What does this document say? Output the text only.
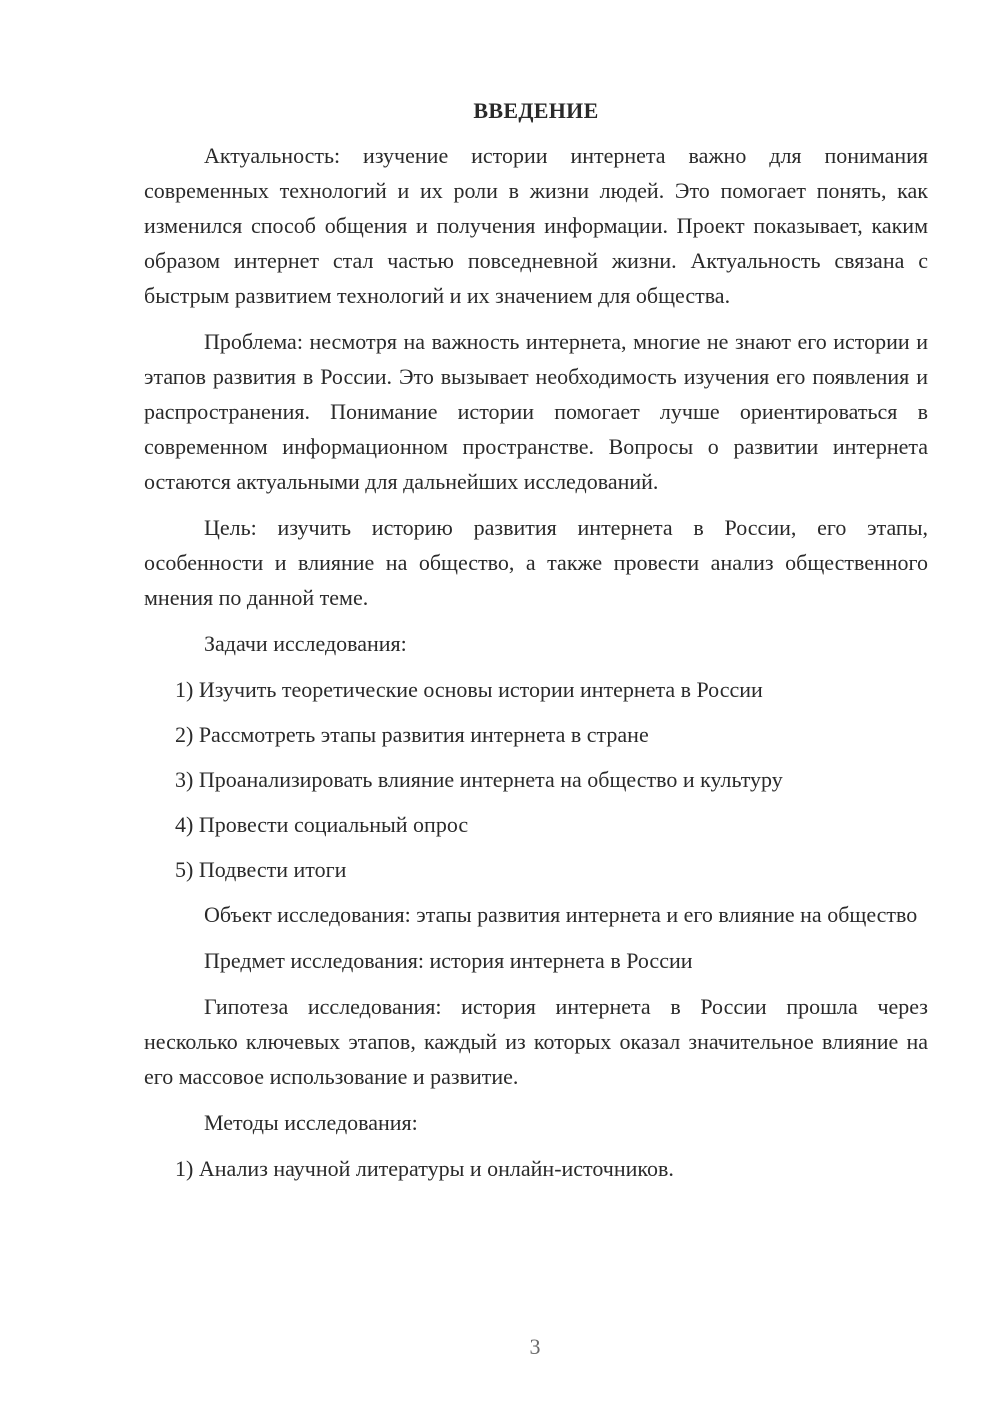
ВВЕДЕНИЕ

Актуальность: изучение истории интернета важно для понимания современных технологий и их роли в жизни людей. Это помогает понять, как изменился способ общения и получения информации. Проект показывает, каким образом интернет стал частью повседневной жизни. Актуальность связана с быстрым развитием технологий и их значением для общества.

Проблема: несмотря на важность интернета, многие не знают его истории и этапов развития в России. Это вызывает необходимость изучения его появления и распространения. Понимание истории помогает лучше ориентироваться в современном информационном пространстве. Вопросы о развитии интернета остаются актуальными для дальнейших исследований.

Цель: изучить историю развития интернета в России, его этапы, особенности и влияние на общество, а также провести анализ общественного мнения по данной теме.

Задачи исследования:

1) Изучить теоретические основы истории интернета в России
2) Рассмотреть этапы развития интернета в стране
3) Проанализировать влияние интернета на общество и культуру
4) Провести социальный опрос
5) Подвести итоги

Объект исследования: этапы развития интернета и его влияние на общество

Предмет исследования: история интернета в России

Гипотеза исследования: история интернета в России прошла через несколько ключевых этапов, каждый из которых оказал значительное влияние на его массовое использование и развитие.

Методы исследования:

1) Анализ научной литературы и онлайн-источников.
3
